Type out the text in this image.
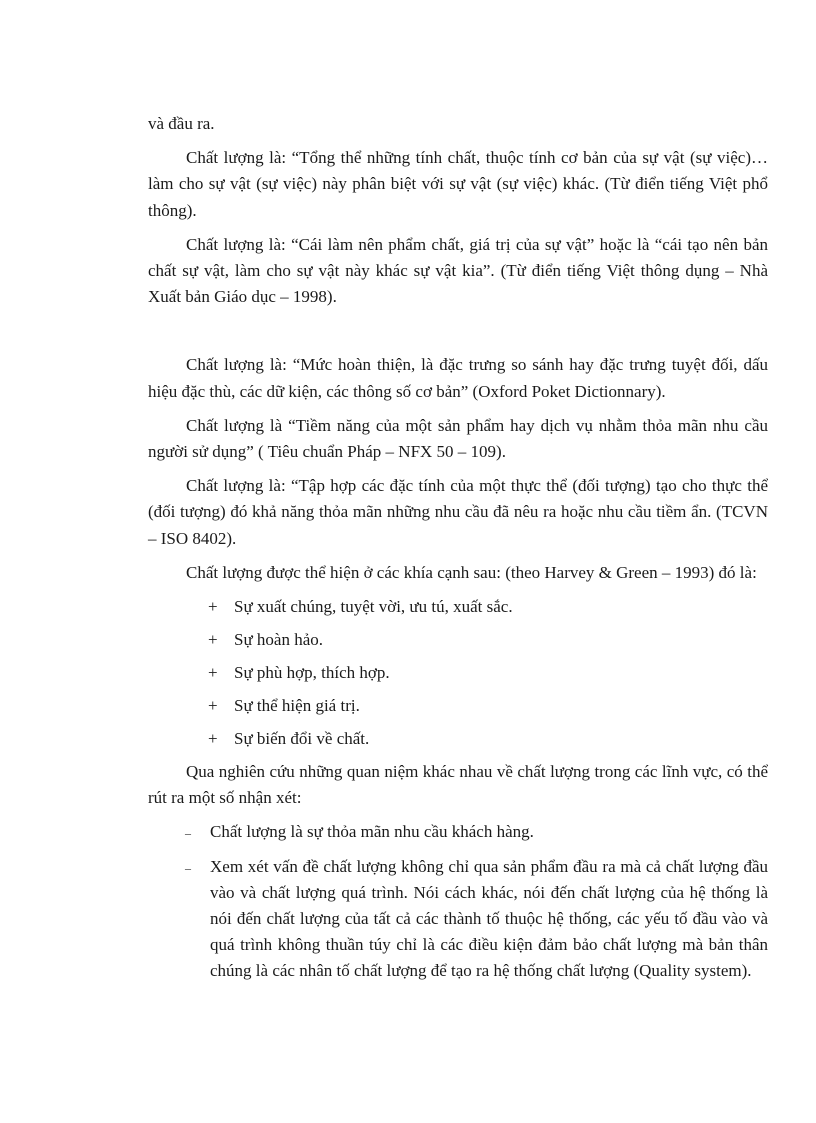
và đầu ra.

Chất lượng là: “Tổng thể những tính chất, thuộc tính cơ bản của sự vật (sự việc)… làm cho sự vật (sự việc) này phân biệt với sự vật (sự việc) khác. (Từ điển tiếng Việt phổ thông).

Chất lượng là: “Cái làm nên phẩm chất, giá trị của sự vật” hoặc là “cái tạo nên bản chất sự vật, làm cho sự vật này khác sự vật kia”. (Từ điển tiếng Việt thông dụng – Nhà Xuất bản Giáo dục – 1998).

Chất lượng là: “Mức hoàn thiện, là đặc trưng so sánh hay đặc trưng tuyệt đối, dấu hiệu đặc thù, các dữ kiện, các thông số cơ bản” (Oxford Poket Dictionnary).

Chất lượng là “Tiềm năng của một sản phẩm hay dịch vụ nhằm thỏa mãn nhu cầu người sử dụng” ( Tiêu chuẩn Pháp – NFX 50 – 109).

Chất lượng là: “Tập hợp các đặc tính của một thực thể (đối tượng) tạo cho thực thể (đối tượng) đó khả năng thỏa mãn những nhu cầu đã nêu ra hoặc nhu cầu tiềm ẩn. (TCVN – ISO 8402).

Chất lượng được thể hiện ở các khía cạnh sau: (theo Harvey & Green – 1993) đó là:

+ Sự xuất chúng, tuyệt vời, ưu tú, xuất sắc.
+ Sự hoàn hảo.
+ Sự phù hợp, thích hợp.
+ Sự thể hiện giá trị.
+ Sự biến đổi về chất.

Qua nghiên cứu những quan niệm khác nhau về chất lượng trong các lĩnh vực, có thể rút ra một số nhận xét:

– Chất lượng là sự thỏa mãn nhu cầu khách hàng.
– Xem xét vấn đề chất lượng không chỉ qua sản phẩm đầu ra mà cả chất lượng đầu vào và chất lượng quá trình. Nói cách khác, nói đến chất lượng của hệ thống là nói đến chất lượng của tất cả các thành tố thuộc hệ thống, các yếu tố đầu vào và quá trình không thuần túy chỉ là các điều kiện đảm bảo chất lượng mà bản thân chúng là các nhân tố chất lượng để tạo ra hệ thống chất lượng (Quality system).
